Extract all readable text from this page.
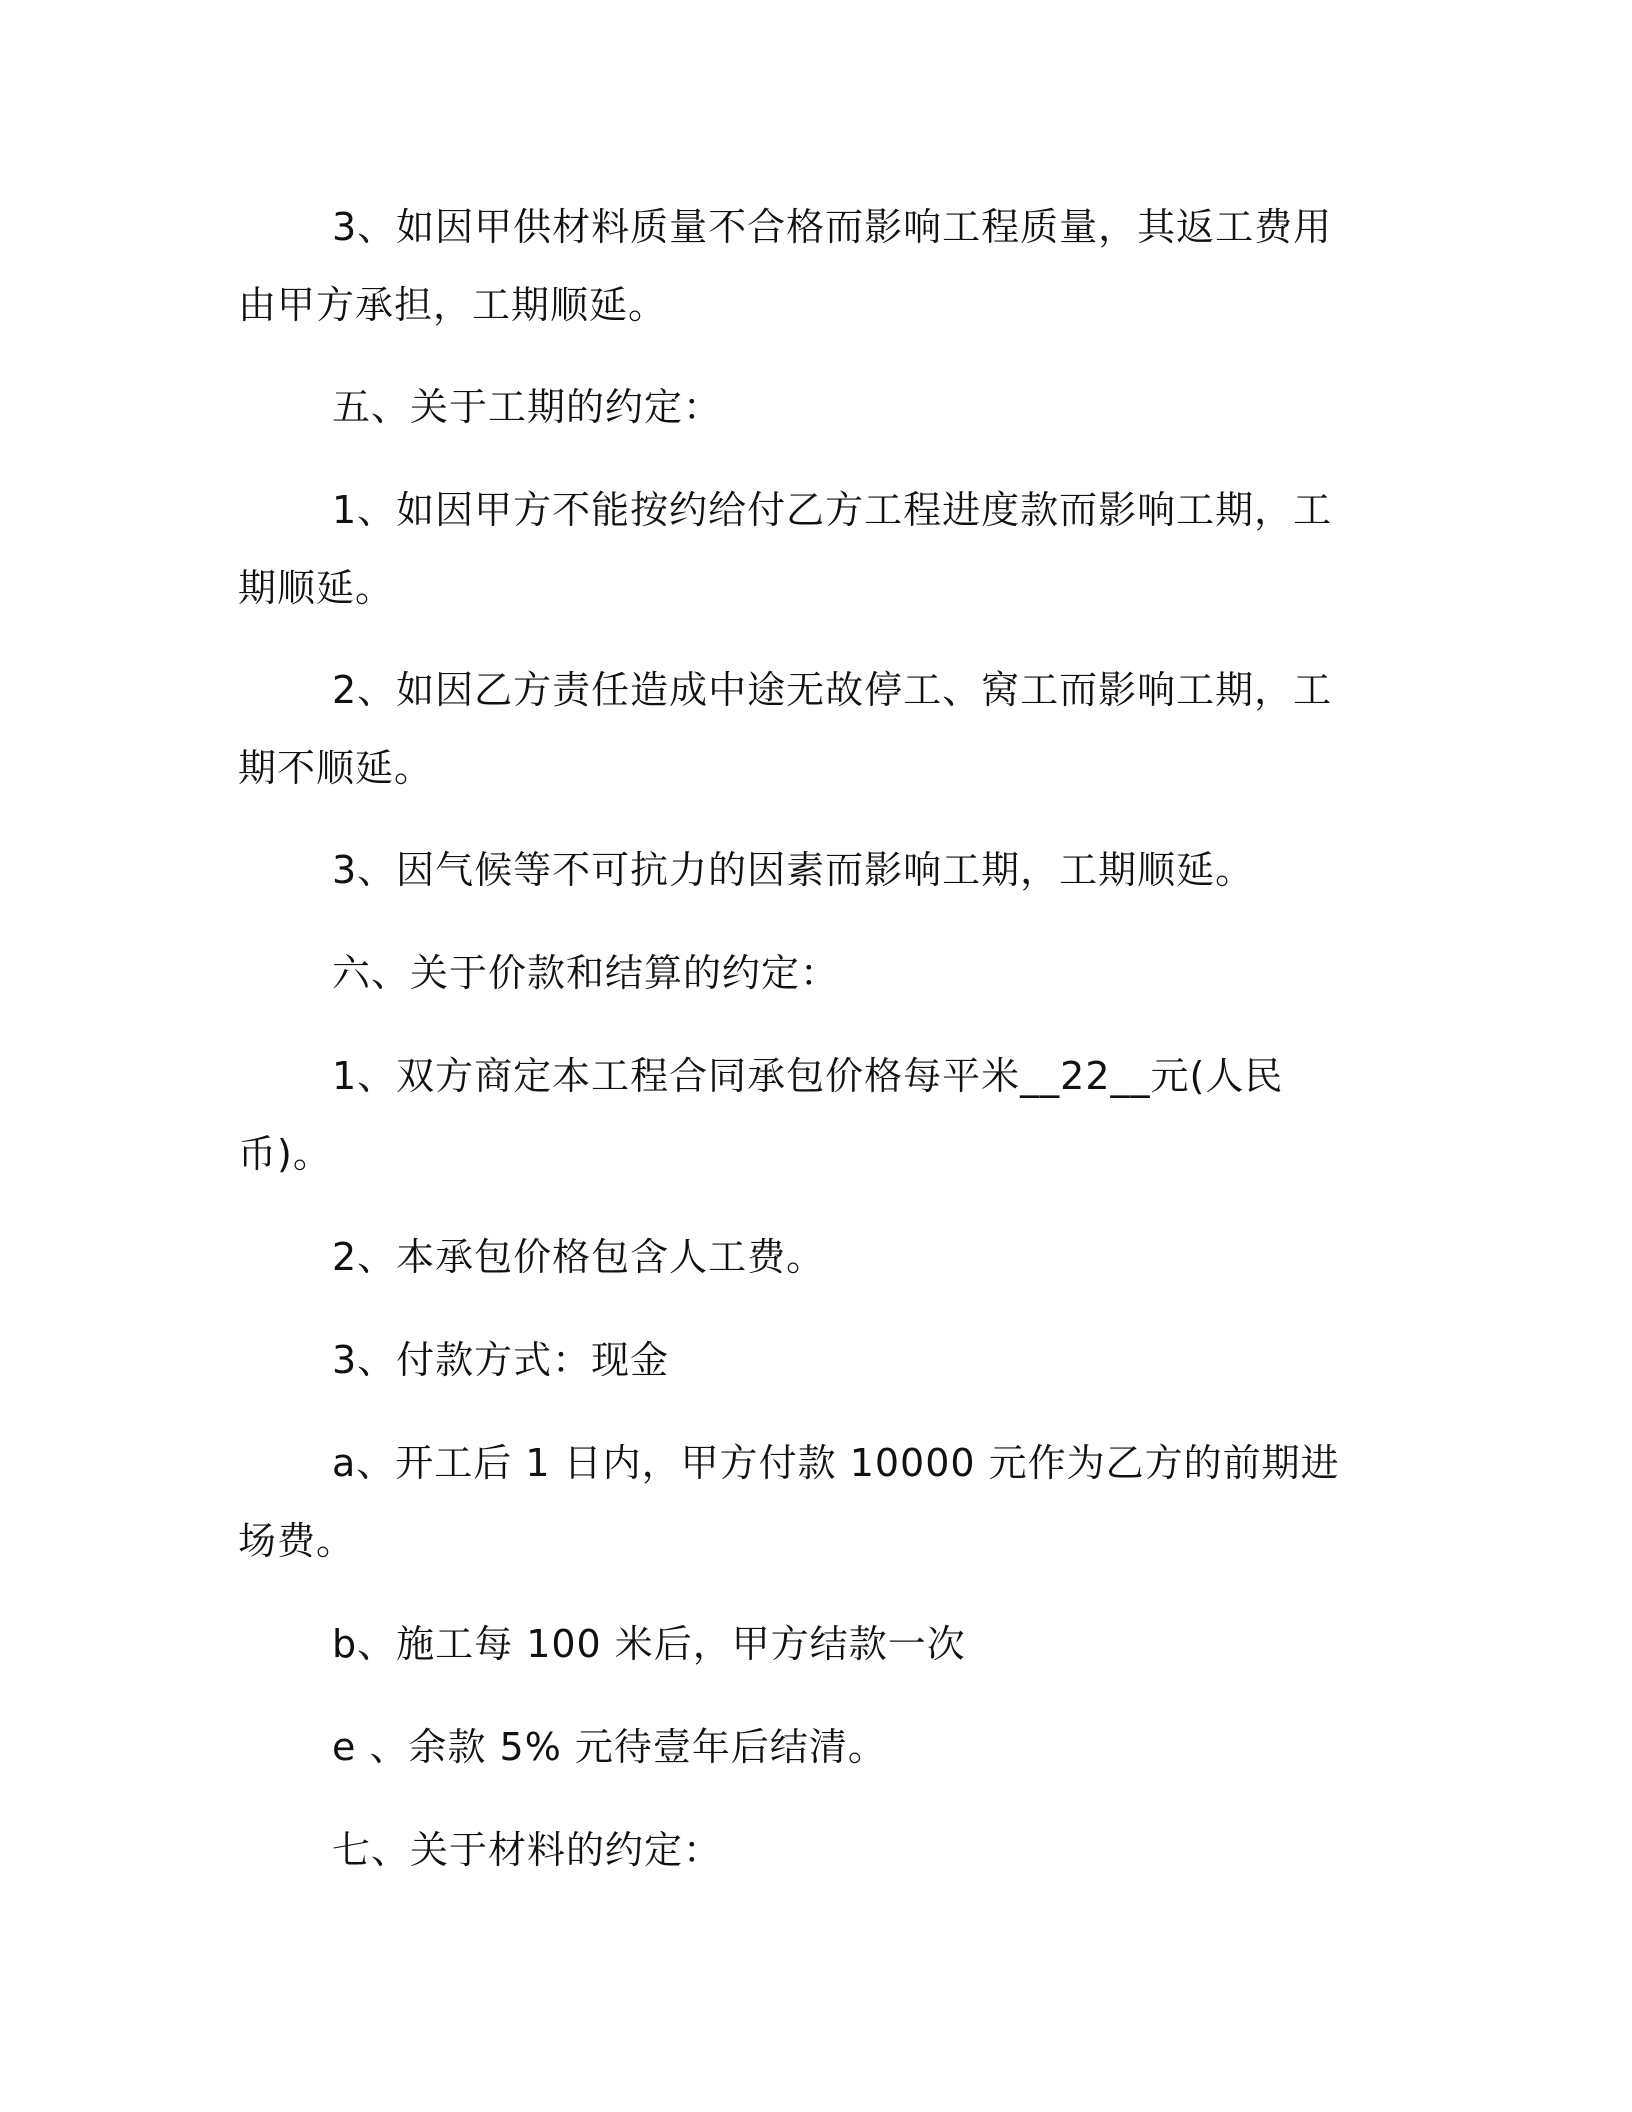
3、如因甲供材料质量不合格而影响工程质量，其返工费用由甲方承担，工期顺延。

五、关于工期的约定：

1、如因甲方不能按约给付乙方工程进度款而影响工期，工期顺延。

2、如因乙方责任造成中途无故停工、窝工而影响工期，工期不顺延。

3、因气候等不可抗力的因素而影响工期，工期顺延。

六、关于价款和结算的约定：

1、双方商定本工程合同承包价格每平米__22__元(人民币)。

2、本承包价格包含人工费。

3、付款方式：现金

a、开工后 1 日内，甲方付款 10000 元作为乙方的前期进场费。

b、施工每 100 米后，甲方结款一次

e 、余款 5% 元待壹年后结清。

七、关于材料的约定：
